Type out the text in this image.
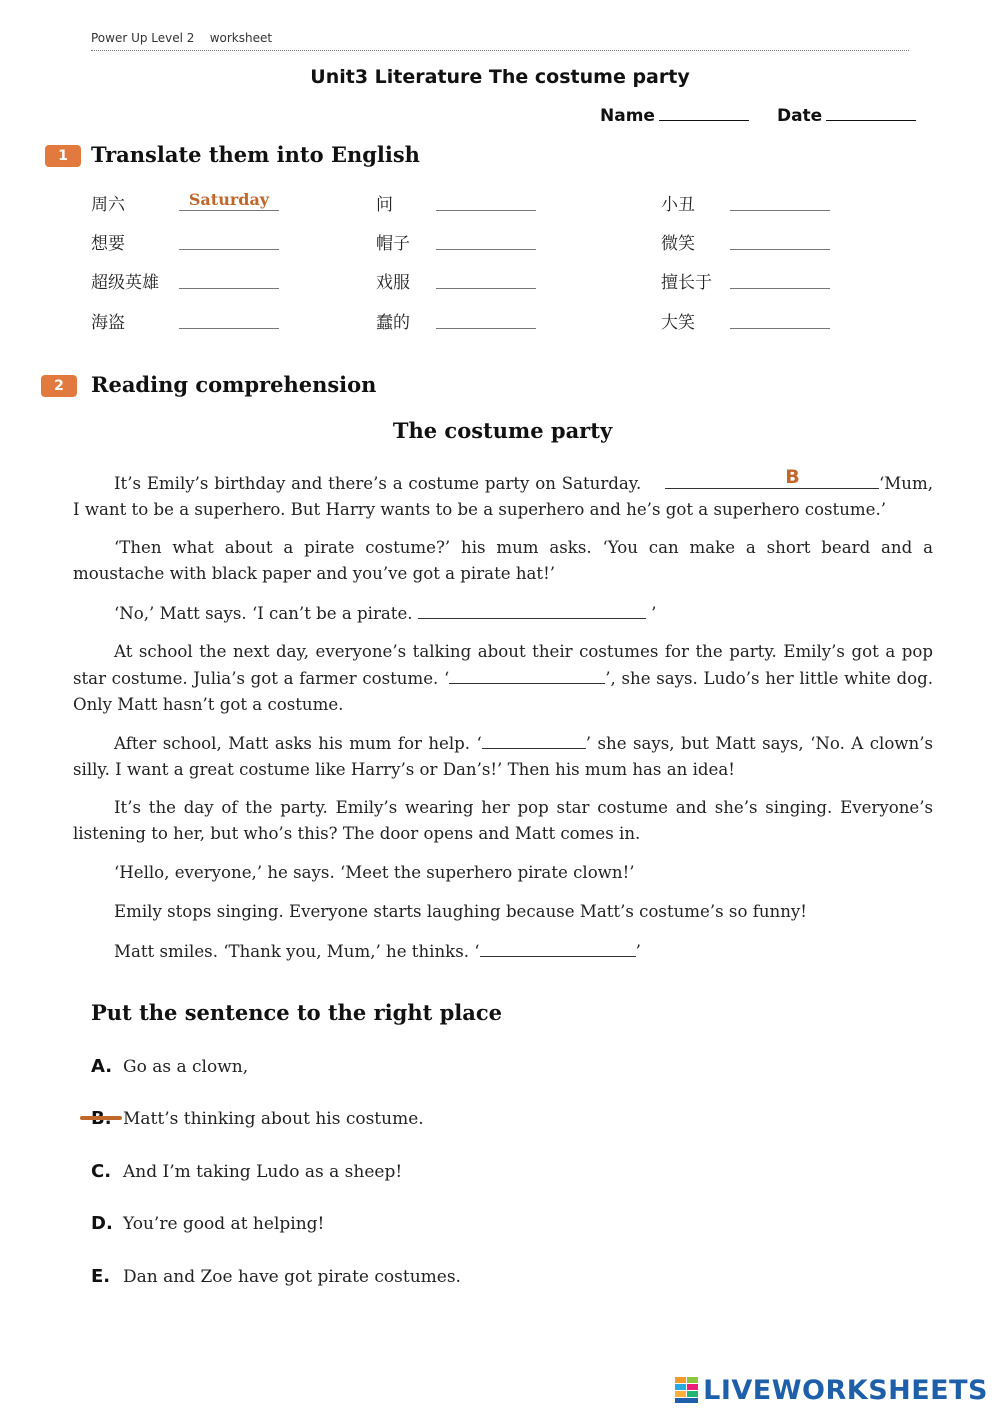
Power Up Level 2    worksheet
Unit3 Literature The costume party
Name	Date
1	Translate them into English
周六	Saturday	问	小丑
想要	帽子	微笑
超级英雄	戏服	擅长于
海盗	蠢的	大笑
2	Reading comprehension
The costume party
It’s Emily’s birthday and there’s a costume party on Saturday.	B	‘Mum, I want to be a superhero. But Harry wants to be a superhero and he’s got a superhero costume.’
‘Then what about a pirate costume?’ his mum asks. ‘You can make a short beard and a moustache with black paper and you’ve got a pirate hat!’
‘No,’ Matt says. ‘I can’t be a pirate.	’
At school the next day, everyone’s talking about their costumes for the party. Emily’s got a pop star costume. Julia’s got a farmer costume. ‘	’, she says. Ludo’s her little white dog. Only Matt hasn’t got a costume.
After school, Matt asks his mum for help. ‘	’ she says, but Matt says, ‘No. A clown’s silly. I want a great costume like Harry’s or Dan’s!’ Then his mum has an idea!
It’s the day of the party. Emily’s wearing her pop star costume and she’s singing. Everyone’s listening to her, but who’s this? The door opens and Matt comes in.
‘Hello, everyone,’ he says. ‘Meet the superhero pirate clown!’
Emily stops singing. Everyone starts laughing because Matt’s costume’s so funny!
Matt smiles. ‘Thank you, Mum,’ he thinks. ‘	’
Put the sentence to the right place
A. Go as a clown,
Matt’s thinking about his costume.
C. And I’m taking Ludo as a sheep!
D. You’re good at helping!
E. Dan and Zoe have got pirate costumes.
LIVEWORKSHEETS
